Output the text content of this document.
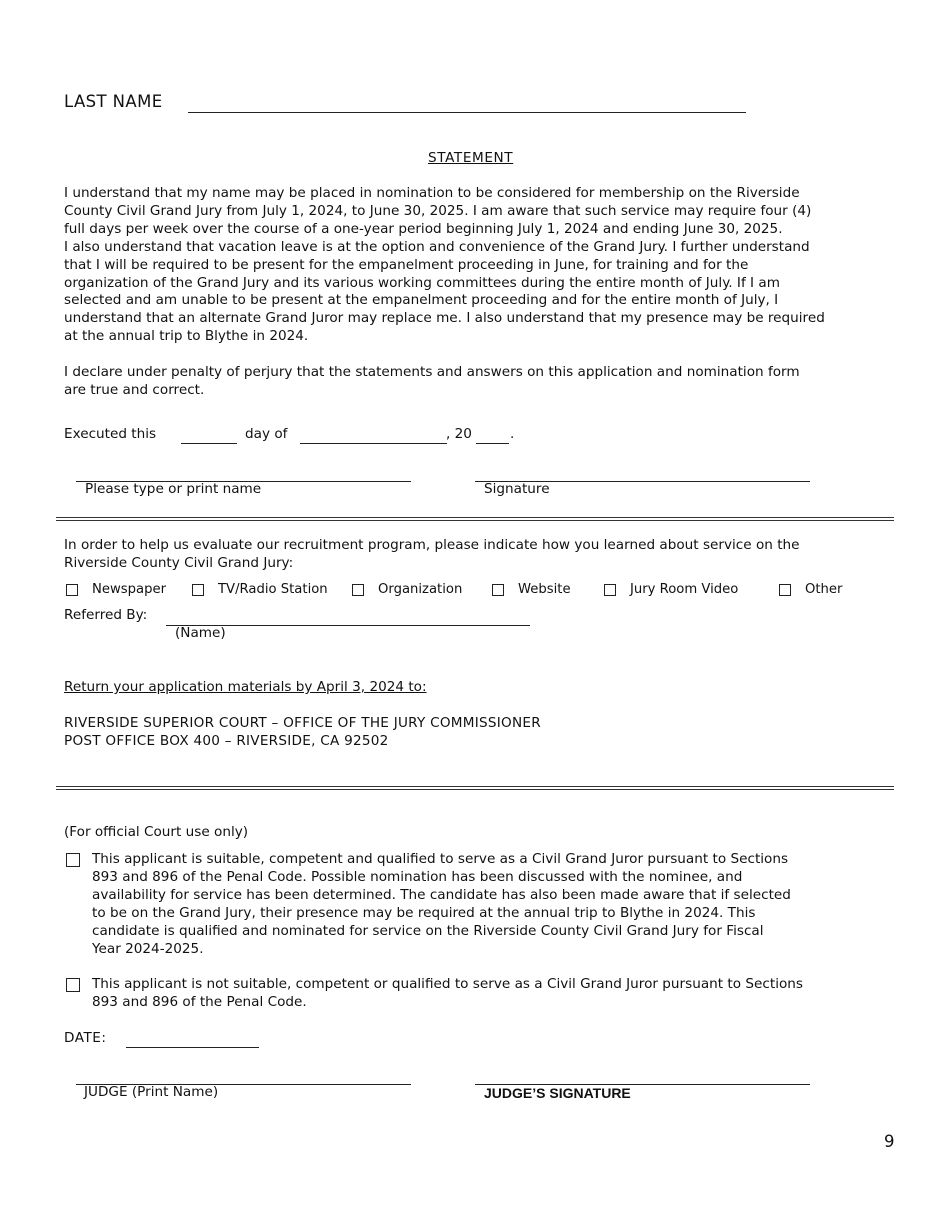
LAST NAME
STATEMENT
I understand that my name may be placed in nomination to be considered for membership on the Riverside
County Civil Grand Jury from July 1, 2024, to June 30, 2025. I am aware that such service may require four (4)
full days per week over the course of a one-year period beginning July 1, 2024 and ending June 30, 2025.
I also understand that vacation leave is at the option and convenience of the Grand Jury. I further understand
that I will be required to be present for the empanelment proceeding in June, for training and for the
organization of the Grand Jury and its various working committees during the entire month of July. If I am
selected and am unable to be present at the empanelment proceeding and for the entire month of July, I
understand that an alternate Grand Juror may replace me. I also understand that my presence may be required
at the annual trip to Blythe in 2024.
I declare under penalty of perjury that the statements and answers on this application and nomination form
are true and correct.
Executed this	day of	, 20	.
Please type or print name	Signature
In order to help us evaluate our recruitment program, please indicate how you learned about service on the
Riverside County Civil Grand Jury:
Newspaper	TV/Radio Station	Organization	Website	Jury Room Video	Other
Referred By:
(Name)
Return your application materials by April 3, 2024 to:
RIVERSIDE SUPERIOR COURT – OFFICE OF THE JURY COMMISSIONER
POST OFFICE BOX 400 – RIVERSIDE, CA 92502
(For official Court use only)
This applicant is suitable, competent and qualified to serve as a Civil Grand Juror pursuant to Sections
893 and 896 of the Penal Code. Possible nomination has been discussed with the nominee, and
availability for service has been determined. The candidate has also been made aware that if selected
to be on the Grand Jury, their presence may be required at the annual trip to Blythe in 2024. This
candidate is qualified and nominated for service on the Riverside County Civil Grand Jury for Fiscal
Year 2024-2025.
This applicant is not suitable, competent or qualified to serve as a Civil Grand Juror pursuant to Sections
893 and 896 of the Penal Code.
DATE:
JUDGE (Print Name)	JUDGE’S SIGNATURE
9
